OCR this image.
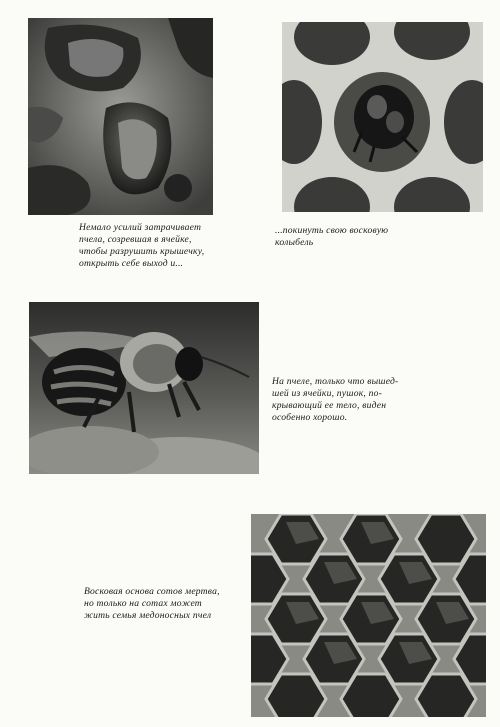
Немало усилий затрачивает
пчела, созревшая в ячейке,
чтобы разрушить крышечку,
открыть себе выход и...

...покинуть свою восковую
колыбель

На пчеле, только что вышед-
шей из ячейки, пушок, по-
крывающий ее тело, виден
особенно хорошо.

Восковая основа сотов мертва,
но только на сотах может
жить семья медоносных пчел
